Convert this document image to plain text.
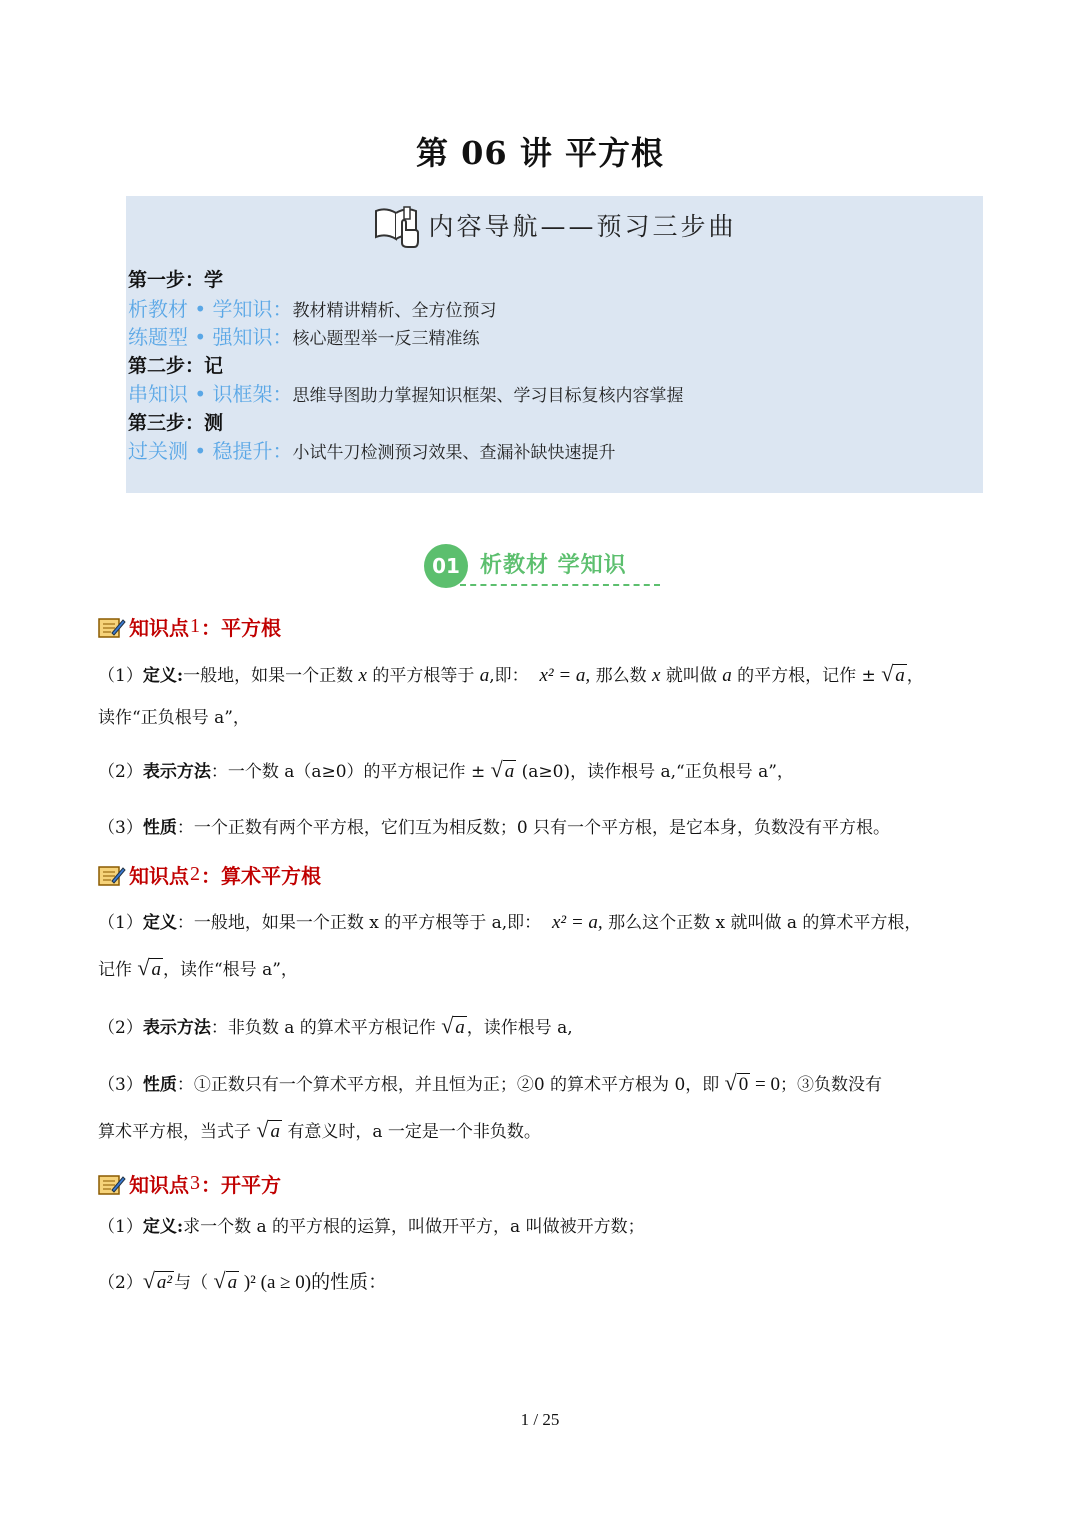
第 06 讲 平方根
内容导航——预习三步曲
第一步：学
析教材 • 学知识：教材精讲精析、全方位预习
练题型 • 强知识：核心题型举一反三精准练
第二步：记
串知识 • 识框架：思维导图助力掌握知识框架、学习目标复核内容掌握
第三步：测
过关测 • 稳提升：小试牛刀检测预习效果、查漏补缺快速提升
01 析教材 学知识
知识点 1 ：平方根
（1）定义:一般地，如果一个正数 x 的平方根等于 a,即： x² = a, 那么数 x 就叫做 a 的平方根，记作 ± √ a ，
读作“正负根号 a”，
（2）表示方法：一个数 a（a≥0）的平方根记作 ± √ a (a≥0)，读作根号 a,“正负根号 a”，
（3）性质：一个正数有两个平方根，它们互为相反数；0 只有一个平方根，是它本身，负数没有平方根。
知识点 2 ：算术平方根
（1）定义：一般地，如果一个正数 x 的平方根等于 a,即： x² = a, 那么这个正数 x 就叫做 a 的算术平方根，
记作 √ a ，读作“根号 a”，
（2）表示方法：非负数 a 的算术平方根记作 √ a ，读作根号 a,
（3）性质：①正数只有一个算术平方根，并且恒为正；②0 的算术平方根为 0，即 √ 0 = 0；③负数没有
算术平方根，当式子 √ a 有意义时，a 一定是一个非负数。
知识点 3 ：开平方
（1）定义:求一个数 a 的平方根的运算，叫做开平方，a 叫做被开方数；
（2）√ a² 与（ √ a )² (a ≥ 0)的性质：
1 / 25
